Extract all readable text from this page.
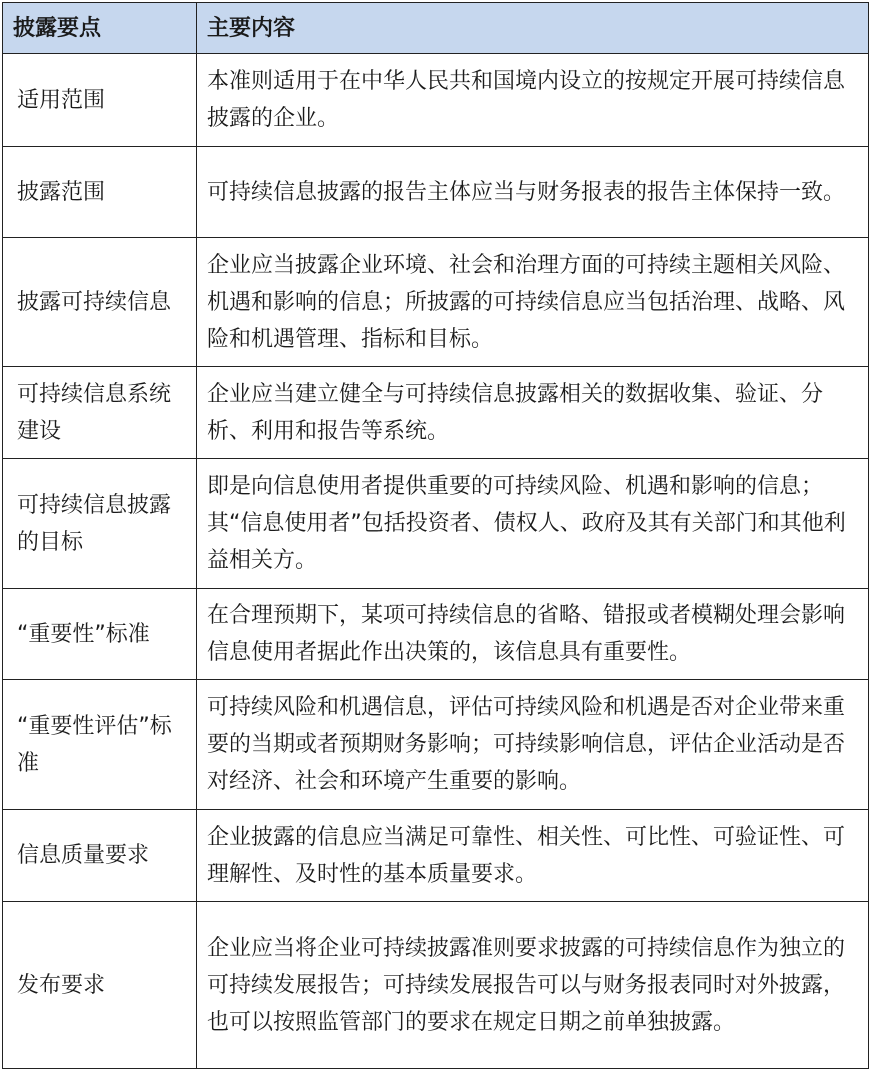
披露要点	主要内容
适用范围	本准则适用于在中华人民共和国境内设立的按规定开展可持续信息披露的企业。
披露范围	可持续信息披露的报告主体应当与财务报表的报告主体保持一致。
披露可持续信息	企业应当披露企业环境、社会和治理方面的可持续主题相关风险、机遇和影响的信息；所披露的可持续信息应当包括治理、战略、风险和机遇管理、指标和目标。
可持续信息系统建设	企业应当建立健全与可持续信息披露相关的数据收集、验证、分析、利用和报告等系统。
可持续信息披露的目标	即是向信息使用者提供重要的可持续风险、机遇和影响的信息；其“信息使用者”包括投资者、债权人、政府及其有关部门和其他利益相关方。
“重要性”标准	在合理预期下，某项可持续信息的省略、错报或者模糊处理会影响信息使用者据此作出决策的，该信息具有重要性。
“重要性评估”标准	可持续风险和机遇信息，评估可持续风险和机遇是否对企业带来重要的当期或者预期财务影响；可持续影响信息，评估企业活动是否对经济、社会和环境产生重要的影响。
信息质量要求	企业披露的信息应当满足可靠性、相关性、可比性、可验证性、可理解性、及时性的基本质量要求。
发布要求	企业应当将企业可持续披露准则要求披露的可持续信息作为独立的可持续发展报告；可持续发展报告可以与财务报表同时对外披露，也可以按照监管部门的要求在规定日期之前单独披露。
